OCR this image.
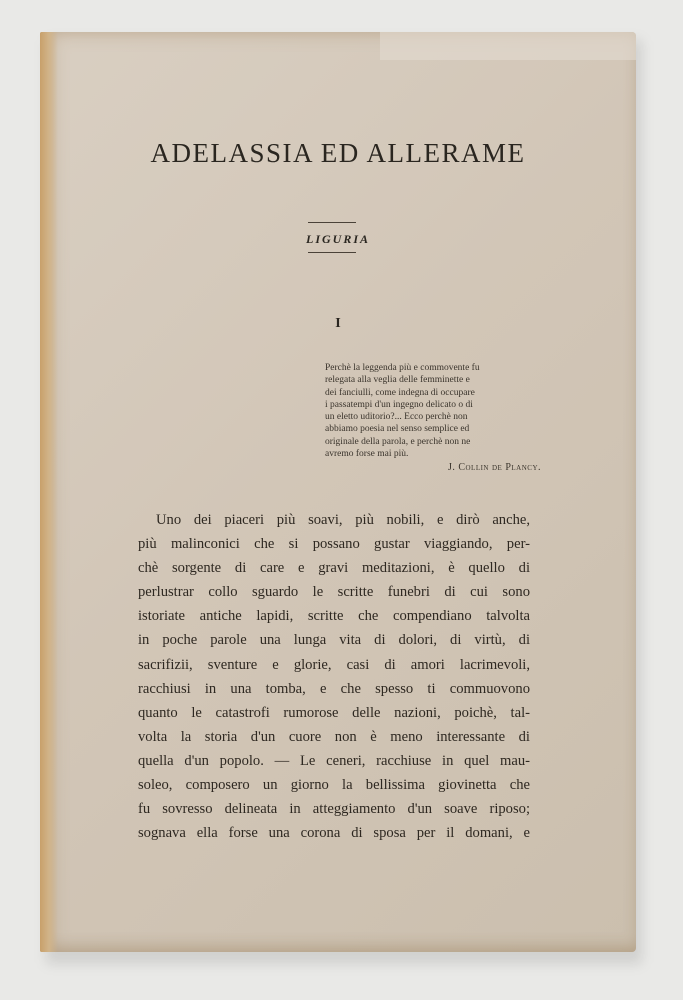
ADELASSIA ED ALLERAME

LIGURIA

I

Perchè la leggenda più e commovente fu
relegata alla veglia delle femminette e
dei fanciulli, come indegna di occupare
i passatempi d'un ingegno delicato o di
un eletto uditorio?... Ecco perchè non
abbiamo poesia nel senso semplice ed
originale della parola, e perchè non ne
avremo forse mai più.
J. Collin de Plancy.
Uno dei piaceri più soavi, più nobili, e dirò anche,
più malinconici che si possano gustar viaggiando, per-
chè sorgente di care e gravi meditazioni, è quello di
perlustrar collo sguardo le scritte funebri di cui sono
istoriate antiche lapidi, scritte che compendiano talvolta
in poche parole una lunga vita di dolori, di virtù, di
sacrifizii, sventure e glorie, casi di amori lacrimevoli,
racchiusi in una tomba, e che spesso ti commuovono
quanto le catastrofi rumorose delle nazioni, poichè, tal-
volta la storia d'un cuore non è meno interessante di
quella d'un popolo. — Le ceneri, racchiuse in quel mau-
soleo, composero un giorno la bellissima giovinetta che
fu sovresso delineata in atteggiamento d'un soave riposo;
sognava ella forse una corona di sposa per il domani, e
